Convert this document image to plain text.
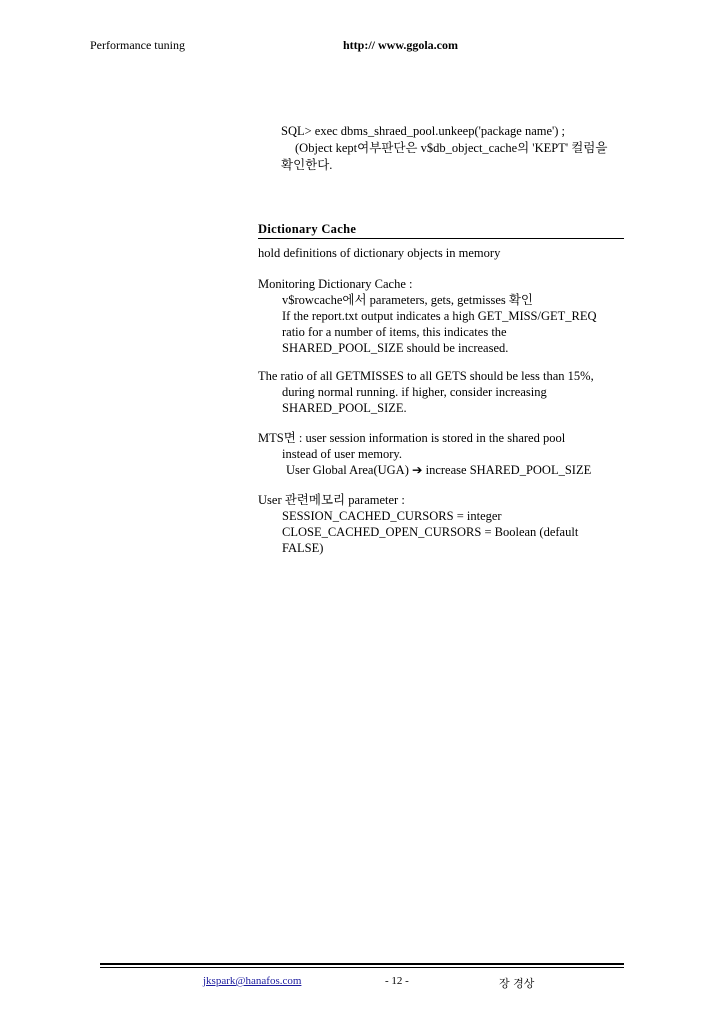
Performance tuning	http:// www.ggola.com
SQL> exec dbms_shraed_pool.unkeep('package name') ;
(Object kept여부판단은 v$db_object_cache의 'KEPT' 컬럼을
확인한다.
Dictionary Cache
hold definitions of dictionary objects in memory
Monitoring Dictionary Cache :
v$rowcache에서 parameters, gets, getmisses 확인
If the report.txt output indicates a high GET_MISS/GET_REQ
ratio for a number of items, this indicates the
SHARED_POOL_SIZE should be increased.
The ratio of all GETMISSES to all GETS should be less than 15%,
during normal running. if higher, consider increasing
SHARED_POOL_SIZE.
MTS면 : user session information is stored in the shared pool
instead of user memory.
User Global Area(UGA) ➔ increase SHARED_POOL_SIZE
User 관련메모리 parameter :
SESSION_CACHED_CURSORS = integer
CLOSE_CACHED_OPEN_CURSORS = Boolean (default
FALSE)
jkspark@hanafos.com	- 12 -	장 경상
